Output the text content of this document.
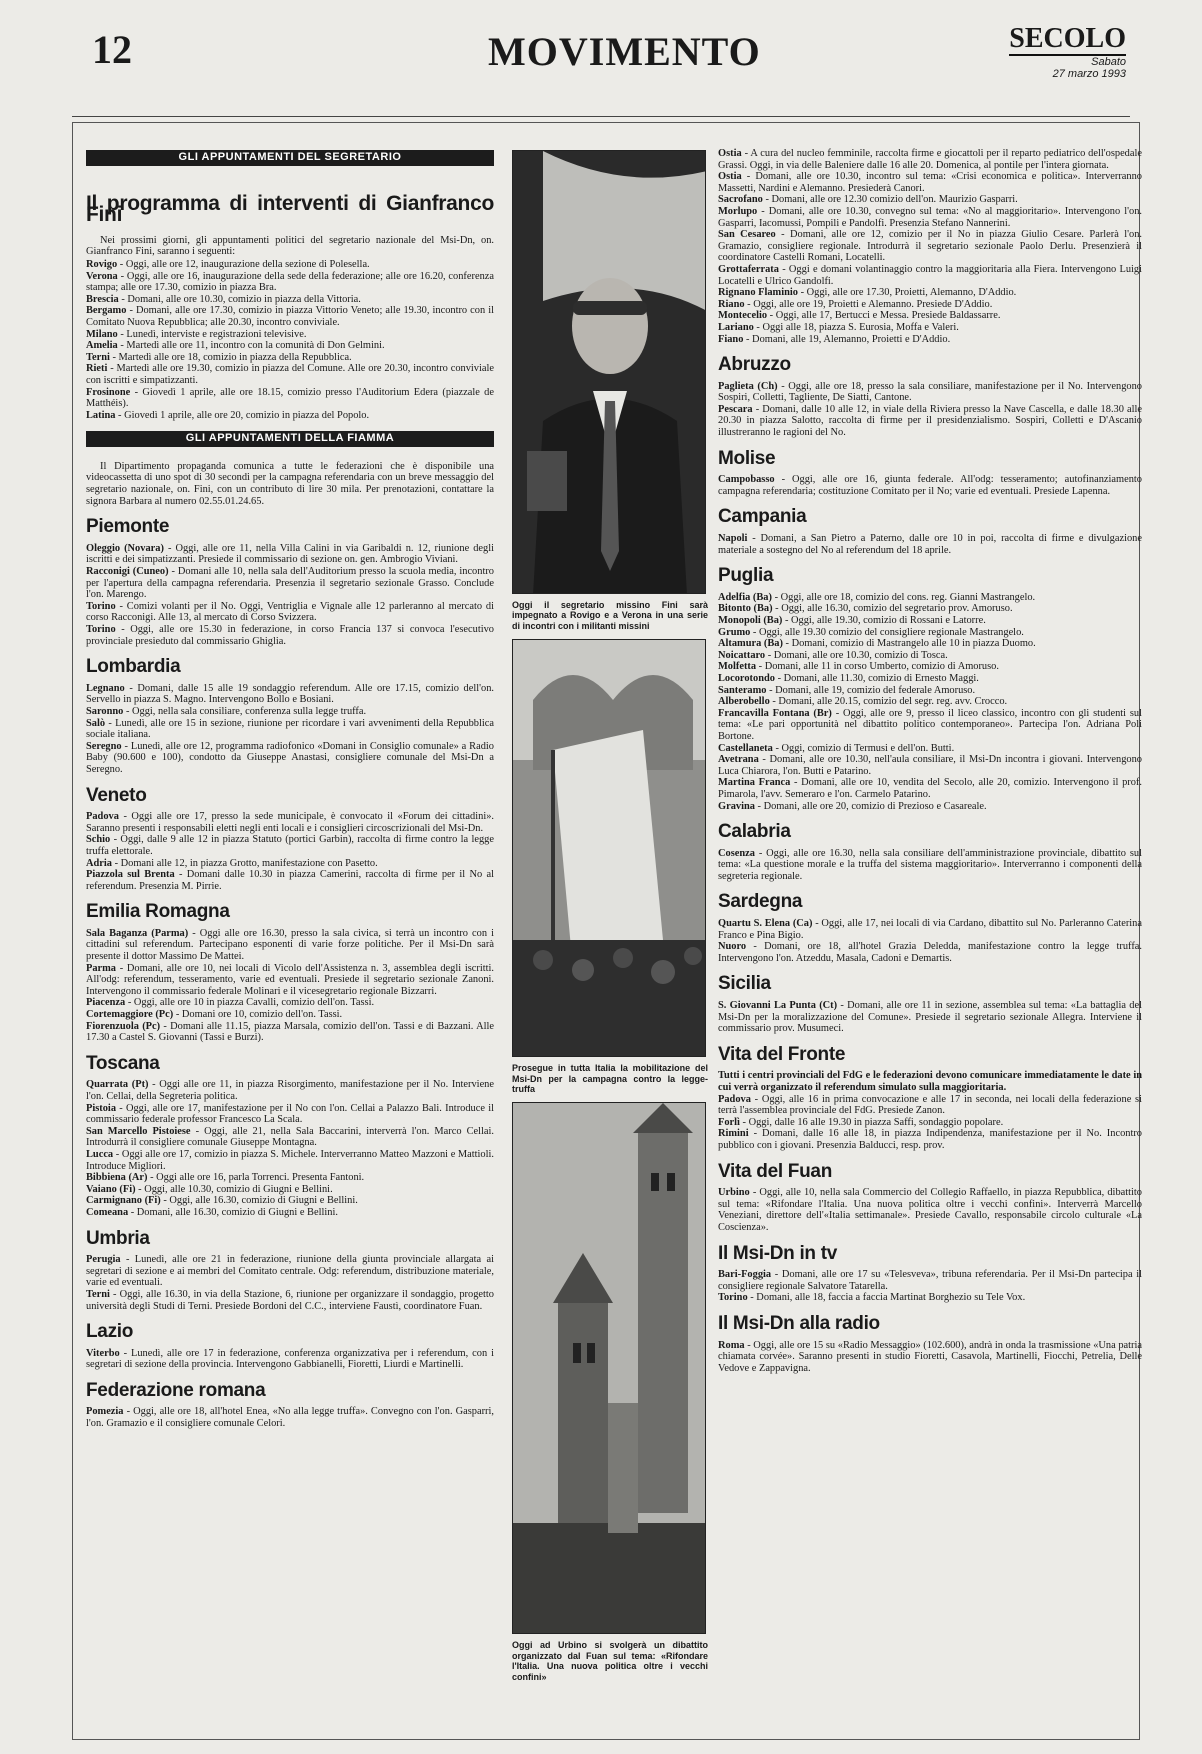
12	MOVIMENTO	SECOLO
Sabato
27 marzo 1993
GLI APPUNTAMENTI DEL SEGRETARIO
Il programma di interventi di Gianfranco Fini

Nei prossimi giorni, gli appuntamenti politici del segretario nazionale del Msi-Dn, on. Gianfranco Fini, saranno i seguenti:

Rovigo - Oggi, alle ore 12, inaugurazione della sezione di Polesella.

Verona - Oggi, alle ore 16, inaugurazione della sede della federazione; alle ore 16.20, conferenza stampa; alle ore 17.30, comizio in piazza Bra.

Brescia - Domani, alle ore 10.30, comizio in piazza della Vittoria.

Bergamo - Domani, alle ore 17.30, comizio in piazza Vittorio Veneto; alle 19.30, incontro con il Comitato Nuova Repubblica; alle 20.30, incontro conviviale.

Milano - Lunedì, interviste e registrazioni televisive.

Amelia - Martedì alle ore 11, incontro con la comunità di Don Gelmini.

Terni - Martedì alle ore 18, comizio in piazza della Repubblica.

Rieti - Martedì alle ore 19.30, comizio in piazza del Comune. Alle ore 20.30, incontro conviviale con iscritti e simpatizzanti.

Frosinone - Giovedì 1 aprile, alle ore 18.15, comizio presso l'Auditorium Edera (piazzale de Matthéis).

Latina - Giovedì 1 aprile, alle ore 20, comizio in piazza del Popolo.

GLI APPUNTAMENTI DELLA FIAMMA

Il Dipartimento propaganda comunica a tutte le federazioni che è disponibile una videocassetta di uno spot di 30 secondi per la campagna referendaria con un breve messaggio del segretario nazionale, on. Fini, con un contributo di lire 30 mila. Per prenotazioni, contattare la signora Barbara al numero 02.55.01.24.65.

Piemonte

Oleggio (Novara) - Oggi, alle ore 11, nella Villa Calini in via Garibaldi n. 12, riunione degli iscritti e dei simpatizzanti. Presiede il commissario di sezione on. gen. Ambrogio Viviani.

Racconigi (Cuneo) - Domani alle 10, nella sala dell'Auditorium presso la scuola media, incontro per l'apertura della campagna referendaria. Presenzia il segretario sezionale Grasso. Conclude l'on. Marengo.

Torino - Comizi volanti per il No. Oggi, Ventriglia e Vignale alle 12 parleranno al mercato di corso Racconigi. Alle 13, al mercato di Corso Svizzera.

Torino - Oggi, alle ore 15.30 in federazione, in corso Francia 137 si convoca l'esecutivo provinciale presieduto dal commissario Ghiglia.

Lombardia

Legnano - Domani, dalle 15 alle 19 sondaggio referendum. Alle ore 17.15, comizio dell'on. Servello in piazza S. Magno. Intervengono Bollo e Bosiani.

Saronno - Oggi, nella sala consiliare, conferenza sulla legge truffa.

Salò - Lunedì, alle ore 15 in sezione, riunione per ricordare i vari avvenimenti della Repubblica sociale italiana.

Seregno - Lunedì, alle ore 12, programma radiofonico «Domani in Consiglio comunale» a Radio Baby (90.600 e 100), condotto da Giuseppe Anastasi, consigliere comunale del Msi-Dn a Seregno.

Veneto

Padova - Oggi alle ore 17, presso la sede municipale, è convocato il «Forum dei cittadini». Saranno presenti i responsabili eletti negli enti locali e i consiglieri circoscrizionali del Msi-Dn.

Schio - Oggi, dalle 9 alle 12 in piazza Statuto (portici Garbin), raccolta di firme contro la legge truffa elettorale.

Adria - Domani alle 12, in piazza Grotto, manifestazione con Pasetto.

Piazzola sul Brenta - Domani dalle 10.30 in piazza Camerini, raccolta di firme per il No al referendum. Presenzia M. Pirrie.

Emilia Romagna

Sala Baganza (Parma) - Oggi alle ore 16.30, presso la sala civica, si terrà un incontro con i cittadini sul referendum. Partecipano esponenti di varie forze politiche. Per il Msi-Dn sarà presente il dottor Massimo De Mattei.

Parma - Domani, alle ore 10, nei locali di Vicolo dell'Assistenza n. 3, assemblea degli iscritti. All'odg: referendum, tesseramento, varie ed eventuali. Presiede il segretario sezionale Zanoni. Intervengono il commissario federale Molinari e il vicesegretario regionale Bizzarri.

Piacenza - Oggi, alle ore 10 in piazza Cavalli, comizio dell'on. Tassi.

Cortemaggiore (Pc) - Domani ore 10, comizio dell'on. Tassi.

Fiorenzuola (Pc) - Domani alle 11.15, piazza Marsala, comizio dell'on. Tassi e di Bazzani. Alle 17.30 a Castel S. Giovanni (Tassi e Burzi).

Toscana

Quarrata (Pt) - Oggi alle ore 11, in piazza Risorgimento, manifestazione per il No. Interviene l'on. Cellai, della Segreteria politica.

Pistoia - Oggi, alle ore 17, manifestazione per il No con l'on. Cellai a Palazzo Bali. Introduce il commissario federale professor Francesco La Scala.

San Marcello Pistoiese - Oggi, alle 21, nella Sala Baccarini, interverrà l'on. Marco Cellai. Introdurrà il consigliere comunale Giuseppe Montagna.

Lucca - Oggi alle ore 17, comizio in piazza S. Michele. Interverranno Matteo Mazzoni e Mattioli. Introduce Migliori.

Bibbiena (Ar) - Oggi alle ore 16, parla Torrenci. Presenta Fantoni.

Vaiano (Fi) - Oggi, alle 10.30, comizio di Giugni e Bellini.

Carmignano (Fi) - Oggi, alle 16.30, comizio di Giugni e Bellini.

Comeana - Domani, alle 16.30, comizio di Giugni e Bellini.

Umbria

Perugia - Lunedì, alle ore 21 in federazione, riunione della giunta provinciale allargata ai segretari di sezione e ai membri del Comitato centrale. Odg: referendum, distribuzione materiale, varie ed eventuali.

Terni - Oggi, alle 16.30, in via della Stazione, 6, riunione per organizzare il sondaggio, progetto università degli Studi di Terni. Presiede Bordoni del C.C., interviene Faustì, coordinatore Fuan.

Lazio

Viterbo - Lunedì, alle ore 17 in federazione, conferenza organizzativa per i referendum, con i segretari di sezione della provincia. Intervengono Gabbianelli, Fioretti, Liurdi e Martinelli.

Federazione romana

Pomezia - Oggi, alle ore 18, all'hotel Enea, «No alla legge truffa». Convegno con l'on. Gasparri, l'on. Gramazio e il consigliere comunale Celori.

Oggi il segretario missino Fini sarà impegnato a Rovigo e a Verona in una serie di incontri con i militanti missini
Prosegue in tutta Italia la mobilitazione del Msi-Dn per la campagna contro la legge-truffa
Oggi ad Urbino si svolgerà un dibattito organizzato dal Fuan sul tema: «Rifondare l'Italia. Una nuova politica oltre i vecchi confini»

Ostia - A cura del nucleo femminile, raccolta firme e giocattoli per il reparto pediatrico dell'ospedale Grassi. Oggi, in via delle Baleniere dalle 16 alle 20. Domenica, al pontile per l'intera giornata.

Ostia - Domani, alle ore 10.30, incontro sul tema: «Crisi economica e politica». Interverranno Massetti, Nardini e Alemanno. Presiederà Canori.

Sacrofano - Domani, alle ore 12.30 comizio dell'on. Maurizio Gasparri.

Morlupo - Domani, alle ore 10.30, convegno sul tema: «No al maggioritario». Intervengono l'on. Gasparri, Iacomussi, Pompili e Pandolfi. Presenzia Stefano Nannerini.

San Cesareo - Domani, alle ore 12, comizio per il No in piazza Giulio Cesare. Parlerà l'on. Gramazio, consigliere regionale. Introdurrà il segretario sezionale Paolo Derlu. Presenzierà il coordinatore Castelli Romani, Locatelli.

Grottaferrata - Oggi e domani volantinaggio contro la maggioritaria alla Fiera. Intervengono Luigi Locatelli e Ulrico Gandolfi.

Rignano Flaminio - Oggi, alle ore 17.30, Proietti, Alemanno, D'Addio.

Riano - Oggi, alle ore 19, Proietti e Alemanno. Presiede D'Addio.

Montecelio - Oggi, alle 17, Bertucci e Messa. Presiede Baldassarre.

Lariano - Oggi alle 18, piazza S. Eurosia, Moffa e Valeri.

Fiano - Domani, alle 19, Alemanno, Proietti e D'Addio.

Abruzzo

Paglieta (Ch) - Oggi, alle ore 18, presso la sala consiliare, manifestazione per il No. Intervengono Sospiri, Colletti, Tagliente, De Siatti, Cantone.

Pescara - Domani, dalle 10 alle 12, in viale della Riviera presso la Nave Cascella, e dalle 18.30 alle 20.30 in piazza Salotto, raccolta di firme per il presidenzialismo. Sospiri, Colletti e D'Ascanio illustreranno le ragioni del No.

Molise

Campobasso - Oggi, alle ore 16, giunta federale. All'odg: tesseramento; autofinanziamento campagna referendaria; costituzione Comitato per il No; varie ed eventuali. Presiede Lapenna.

Campania

Napoli - Domani, a San Pietro a Paterno, dalle ore 10 in poi, raccolta di firme e divulgazione materiale a sostegno del No al referendum del 18 aprile.

Puglia

Adelfia (Ba) - Oggi, alle ore 18, comizio del cons. reg. Gianni Mastrangelo.

Bitonto (Ba) - Oggi, alle 16.30, comizio del segretario prov. Amoruso.

Monopoli (Ba) - Oggi, alle 19.30, comizio di Rossani e Latorre.

Grumo - Oggi, alle 19.30 comizio del consigliere regionale Mastrangelo.

Altamura (Ba) - Domani, comizio di Mastrangelo alle 10 in piazza Duomo.

Noicattaro - Domani, alle ore 10.30, comizio di Tosca.

Molfetta - Domani, alle 11 in corso Umberto, comizio di Amoruso.

Locorotondo - Domani, alle 11.30, comizio di Ernesto Maggi.

Santeramo - Domani, alle 19, comizio del federale Amoruso.

Alberobello - Domani, alle 20.15, comizio del segr. reg. avv. Crocco.

Francavilla Fontana (Br) - Oggi, alle ore 9, presso il liceo classico, incontro con gli studenti sul tema: «Le pari opportunità nel dibattito politico contemporaneo». Partecipa l'on. Adriana Poli Bortone.

Castellaneta - Oggi, comizio di Termusi e dell'on. Butti.

Avetrana - Domani, alle ore 10.30, nell'aula consiliare, il Msi-Dn incontra i giovani. Intervengono Luca Chiarora, l'on. Butti e Patarino.

Martina Franca - Domani, alle ore 10, vendita del Secolo, alle 20, comizio. Intervengono il prof. Pimarola, l'avv. Semeraro e l'on. Carmelo Patarino.

Gravina - Domani, alle ore 20, comizio di Prezioso e Casareale.

Calabria

Cosenza - Oggi, alle ore 16.30, nella sala consiliare dell'amministrazione provinciale, dibattito sul tema: «La questione morale e la truffa del sistema maggioritario». Interverranno i componenti della segreteria regionale.

Sardegna

Quartu S. Elena (Ca) - Oggi, alle 17, nei locali di via Cardano, dibattito sul No. Parleranno Caterina Franco e Pina Bigio.

Nuoro - Domani, ore 18, all'hotel Grazia Deledda, manifestazione contro la legge truffa. Intervengono l'on. Atzeddu, Masala, Cadoni e Demartis.

Sicilia

S. Giovanni La Punta (Ct) - Domani, alle ore 11 in sezione, assemblea sul tema: «La battaglia del Msi-Dn per la moralizzazione del Comune». Presiede il segretario sezionale Allegra. Interviene il commissario prov. Musumeci.

Vita del Fronte

Tutti i centri provinciali del FdG e le federazioni devono comunicare immediatamente le date in cui verrà organizzato il referendum simulato sulla maggioritaria.

Padova - Oggi, alle 16 in prima convocazione e alle 17 in seconda, nei locali della federazione si terrà l'assemblea provinciale del FdG. Presiede Zanon.

Forlì - Oggi, dalle 16 alle 19.30 in piazza Saffi, sondaggio popolare.

Rimini - Domani, dalle 16 alle 18, in piazza Indipendenza, manifestazione per il No. Incontro pubblico con i giovani. Presenzia Balducci, resp. prov.

Vita del Fuan

Urbino - Oggi, alle 10, nella sala Commercio del Collegio Raffaello, in piazza Repubblica, dibattito sul tema: «Rifondare l'Italia. Una nuova politica oltre i vecchi confini». Interverrà Marcello Veneziani, direttore dell'«Italia settimanale». Presiede Cavallo, responsabile circolo culturale «La Coscienza».

Il Msi-Dn in tv

Bari-Foggia - Domani, alle ore 17 su «Telesveva», tribuna referendaria. Per il Msi-Dn partecipa il consigliere regionale Salvatore Tatarella.

Torino - Domani, alle 18, faccia a faccia Martinat Borghezio su Tele Vox.

Il Msi-Dn alla radio

Roma - Oggi, alle ore 15 su «Radio Messaggio» (102.600), andrà in onda la trasmissione «Una patria chiamata corvée». Saranno presenti in studio Fioretti, Casavola, Martinelli, Fiocchi, Petrelia, Delle Vedove e Zappavigna.
